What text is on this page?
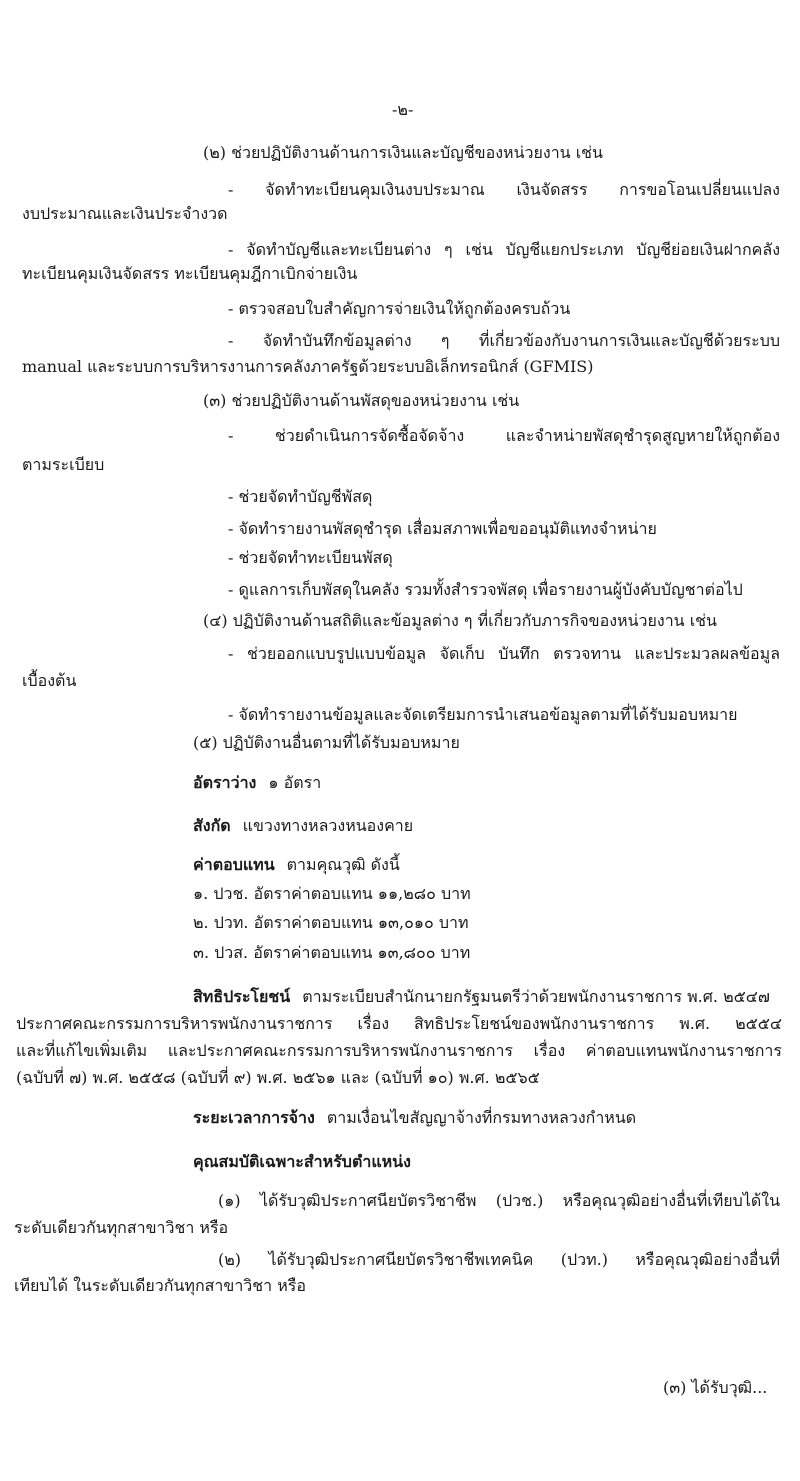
-๒-
(๒) ช่วยปฏิบัติงานด้านการเงินและบัญชีของหน่วยงาน เช่น
- จัดทำทะเบียนคุมเงินงบประมาณ เงินจัดสรร การขอโอนเปลี่ยนแปลง
งบประมาณและเงินประจำงวด
- จัดทำบัญชีและทะเบียนต่าง ๆ เช่น บัญชีแยกประเภท บัญชีย่อยเงินฝากคลัง
ทะเบียนคุมเงินจัดสรร ทะเบียนคุมฎีกาเบิกจ่ายเงิน
- ตรวจสอบใบสำคัญการจ่ายเงินให้ถูกต้องครบถ้วน
- จัดทำบันทึกข้อมูลต่าง ๆ ที่เกี่ยวข้องกับงานการเงินและบัญชีด้วยระบบ
manual และระบบการบริหารงานการคลังภาครัฐด้วยระบบอิเล็กทรอนิกส์ (GFMIS)
(๓) ช่วยปฏิบัติงานด้านพัสดุของหน่วยงาน เช่น
- ช่วยดำเนินการจัดซื้อจัดจ้าง และจำหน่ายพัสดุชำรุดสูญหายให้ถูกต้อง
ตามระเบียบ
- ช่วยจัดทำบัญชีพัสดุ
- จัดทำรายงานพัสดุชำรุด เสื่อมสภาพเพื่อขออนุมัติแทงจำหน่าย
- ช่วยจัดทำทะเบียนพัสดุ
- ดูแลการเก็บพัสดุในคลัง รวมทั้งสำรวจพัสดุ เพื่อรายงานผู้บังคับบัญชาต่อไป
(๔) ปฏิบัติงานด้านสถิติและข้อมูลต่าง ๆ ที่เกี่ยวกับภารกิจของหน่วยงาน เช่น
- ช่วยออกแบบรูปแบบข้อมูล จัดเก็บ บันทึก ตรวจทาน และประมวลผลข้อมูล
เบื้องต้น
- จัดทำรายงานข้อมูลและจัดเตรียมการนำเสนอข้อมูลตามที่ได้รับมอบหมาย
(๕) ปฏิบัติงานอื่นตามที่ได้รับมอบหมาย
อัตราว่าง ๑ อัตรา
สังกัด แขวงทางหลวงหนองคาย
ค่าตอบแทน ตามคุณวุฒิ ดังนี้
๑. ปวช. อัตราค่าตอบแทน ๑๑,๒๘๐ บาท
๒. ปวท. อัตราค่าตอบแทน ๑๓,๐๑๐ บาท
๓. ปวส. อัตราค่าตอบแทน ๑๓,๘๐๐ บาท
สิทธิประโยชน์ ตามระเบียบสำนักนายกรัฐมนตรีว่าด้วยพนักงานราชการ พ.ศ. ๒๕๔๗
ประกาศคณะกรรมการบริหารพนักงานราชการ เรื่อง สิทธิประโยชน์ของพนักงานราชการ พ.ศ. ๒๕๕๔
และที่แก้ไขเพิ่มเติม และประกาศคณะกรรมการบริหารพนักงานราชการ เรื่อง ค่าตอบแทนพนักงานราชการ
(ฉบับที่ ๗) พ.ศ. ๒๕๕๘ (ฉบับที่ ๙) พ.ศ. ๒๕๖๑ และ (ฉบับที่ ๑๐) พ.ศ. ๒๕๖๕
ระยะเวลาการจ้าง ตามเงื่อนไขสัญญาจ้างที่กรมทางหลวงกำหนด
คุณสมบัติเฉพาะสำหรับตำแหน่ง
(๑) ได้รับวุฒิประกาศนียบัตรวิชาชีพ (ปวช.) หรือคุณวุฒิอย่างอื่นที่เทียบได้ใน
ระดับเดียวกันทุกสาขาวิชา หรือ
(๒) ได้รับวุฒิประกาศนียบัตรวิชาชีพเทคนิค (ปวท.) หรือคุณวุฒิอย่างอื่นที่
เทียบได้ ในระดับเดียวกันทุกสาขาวิชา หรือ
(๓) ได้รับวุฒิ...
